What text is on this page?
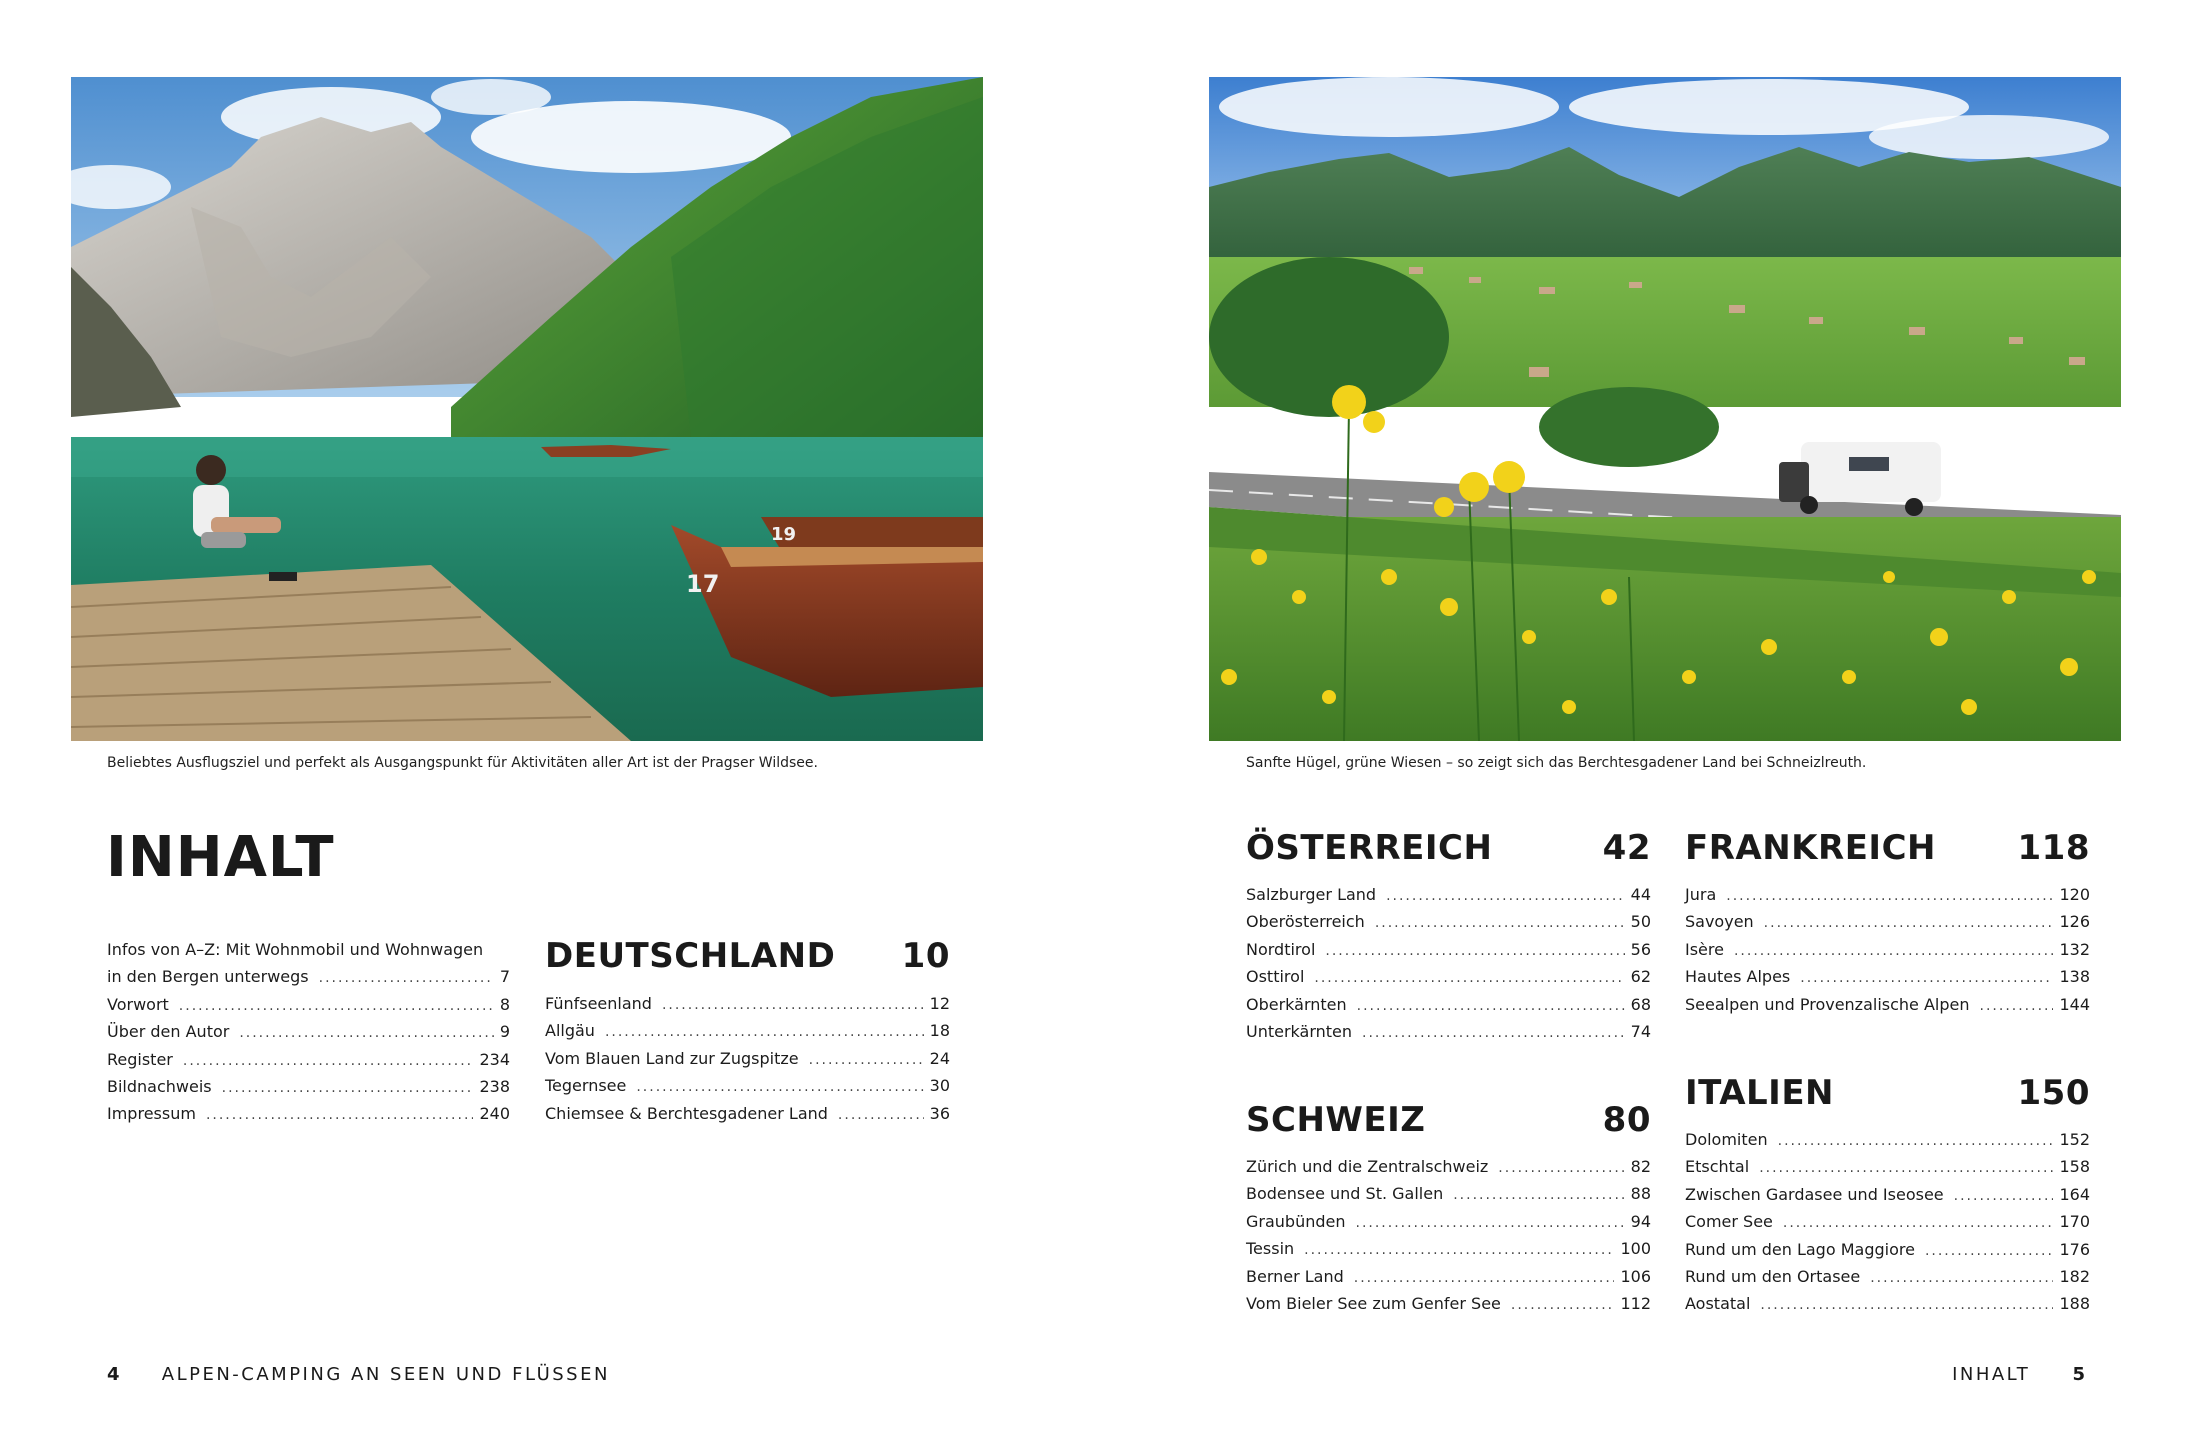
17
19
Beliebtes Ausflugsziel und perfekt als Ausgangspunkt für Aktivitäten aller Art ist der Pragser Wildsee.	Sanfte Hügel, grüne Wiesen – so zeigt sich das Berchtesgadener Land bei Schneizlreuth.
INHALT
Infos von A–Z: Mit Wohnmobil und Wohnwagen
in den Bergen unterwegs .....	7
Vorwort .....	8
Über den Autor .....	9
Register .....	234
Bildnachweis .....	238
Impressum .....	240
DEUTSCHLAND 10
Fünfseenland .....	12
Allgäu .....	18
Vom Blauen Land zur Zugspitze .....	24
Tegernsee .....	30
Chiemsee & Berchtesgadener Land .....	36
ÖSTERREICH	42
Salzburger Land .....	44
Oberösterreich .....	50
Nordtirol .....	56
Osttirol .....	62
Oberkärnten .....	68
Unterkärnten .....	74
SCHWEIZ	80
Zürich und die Zentralschweiz .....	82
Bodensee und St. Gallen .....	88
Graubünden .....	94
Tessin .....	100
Berner Land .....	106
Vom Bieler See zum Genfer See .....	112
FRANKREICH 118
Jura .....	120
Savoyen .....	126
Isère .....	132
Hautes Alpes .....	138
Seealpen und Provenzalische Alpen .....	144
ITALIEN	150
Dolomiten .....	152
Etschtal .....	158
Zwischen Gardasee und Iseosee .....	164
Comer See .....	170
Rund um den Lago Maggiore .....	176
Rund um den Ortasee .....	182
Aostatal .....	188
4 ALPEN-CAMPING AN SEEN UND FLÜSSEN	INHALT 5
